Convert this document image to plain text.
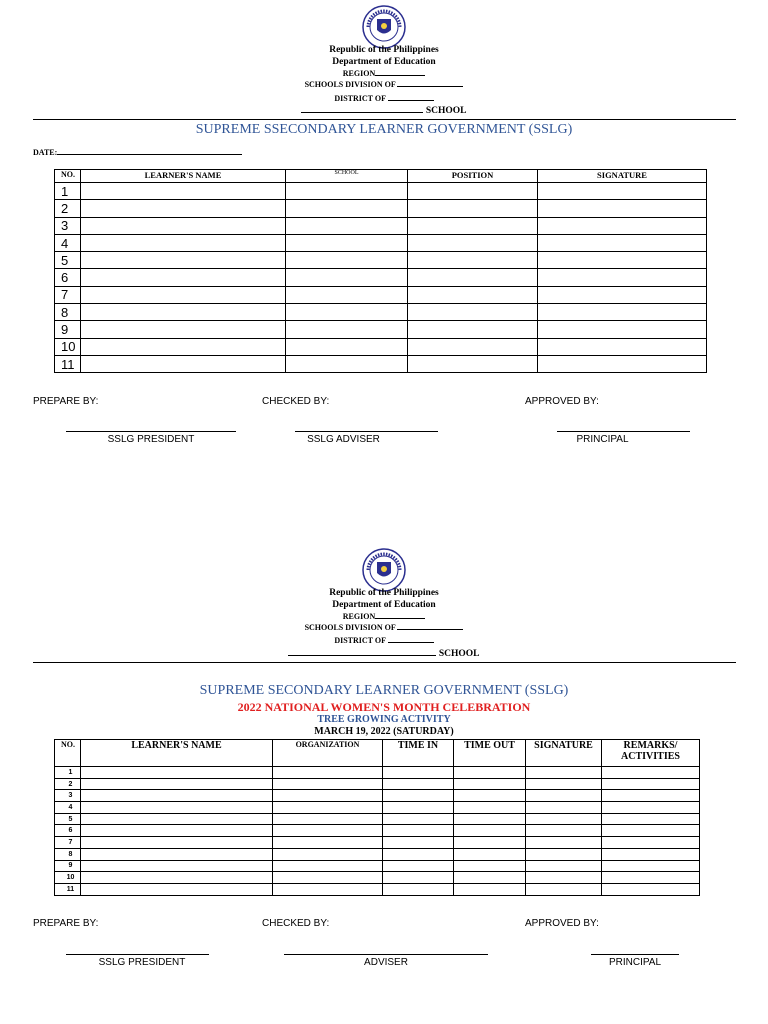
Republic of the Philippines
Department of Education
REGION
SCHOOLS DIVISION OF
DISTRICT OF
SCHOOL
SUPREME SSECONDARY LEARNER GOVERNMENT (SSLG)
DATE:
NO.	LEARNER'S NAME	SCHOOL	POSITION	SIGNATURE
1				
2				
3				
4				
5				
6				
7				
8				
9				
10				
11				
PREPARE BY:	CHECKED BY:	APPROVED BY:
SSLG PRESIDENT	SSLG ADVISER	PRINCIPAL
Republic of the Philippines
Department of Education
REGION
SCHOOLS DIVISION OF
DISTRICT OF
SCHOOL
SUPREME SECONDARY LEARNER GOVERNMENT (SSLG)
2022 NATIONAL WOMEN'S MONTH CELEBRATION
TREE GROWING ACTIVITY
MARCH 19, 2022 (SATURDAY)
NO.	LEARNER'S NAME	ORGANIZATION	TIME IN	TIME OUT	SIGNATURE	REMARKS/ ACTIVITIES
1						
2						
3						
4						
5						
6						
7						
8						
9						
10						
11						
PREPARE BY:	CHECKED BY:	APPROVED BY:
SSLG PRESIDENT	ADVISER	PRINCIPAL
